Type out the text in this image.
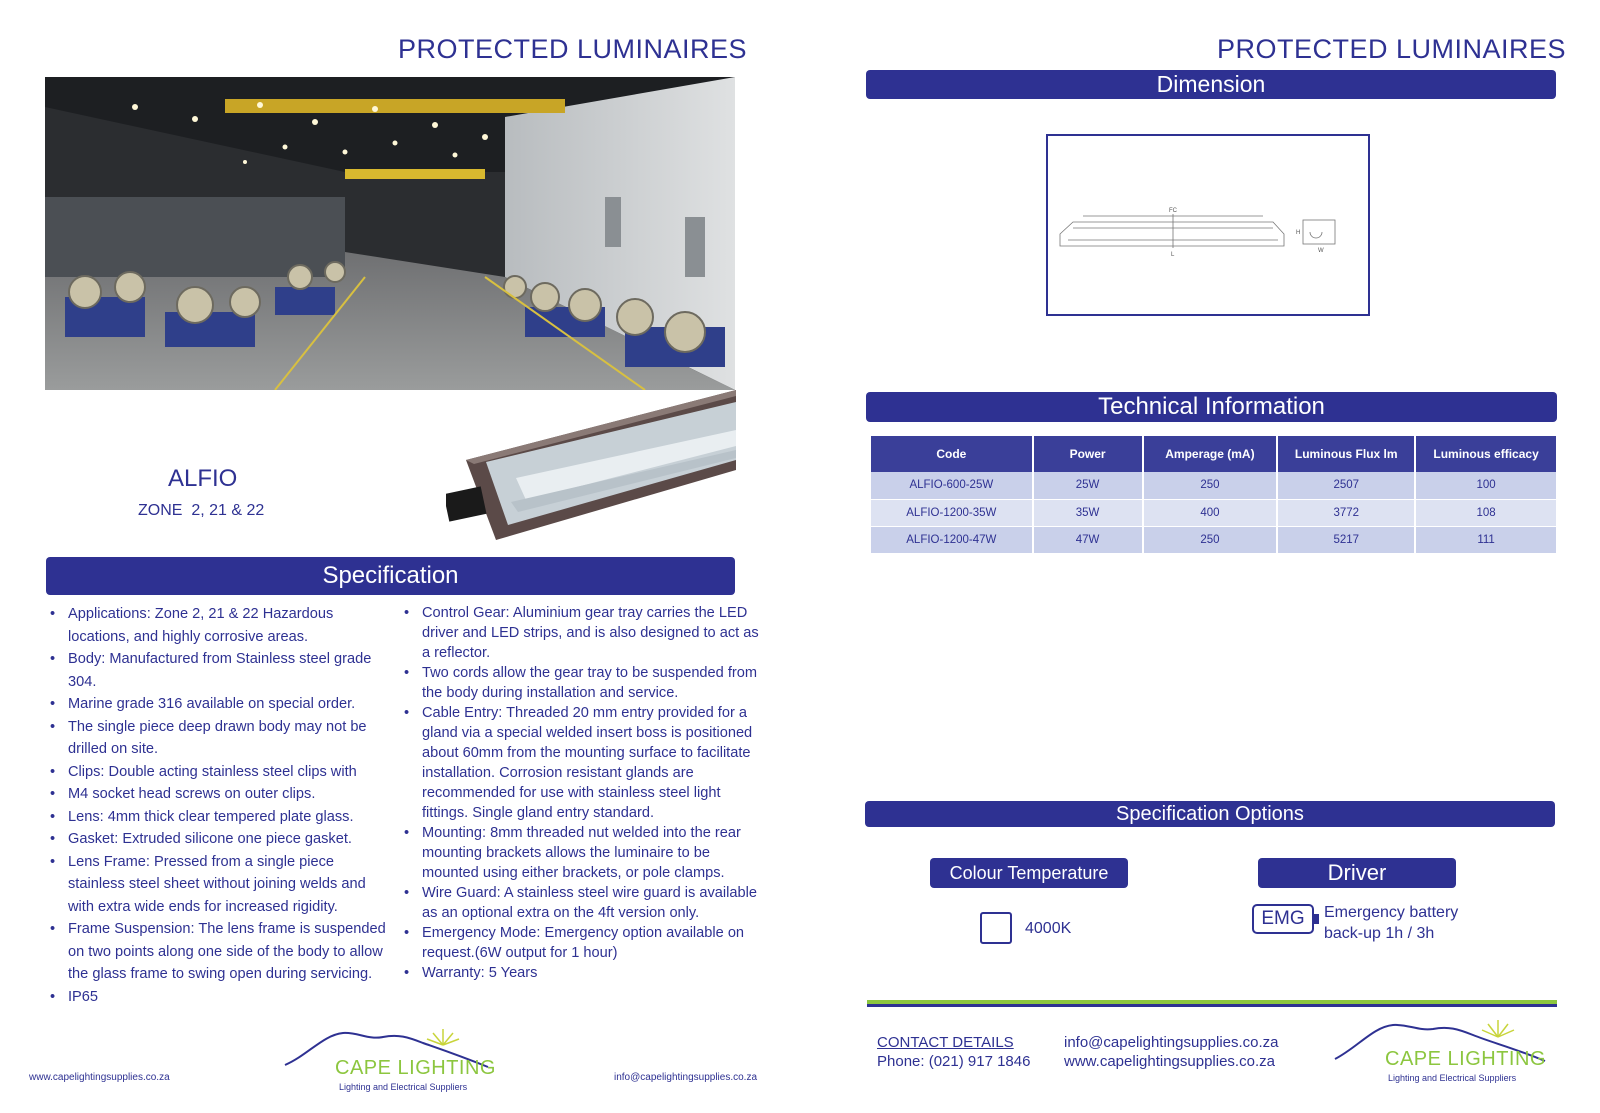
PROTECTED LUMINAIRES
ALFIO
ZONE  2, 21 & 22
Specification
• Applications: Zone 2, 21 & 22 Hazardous locations, and highly corrosive areas.
• Body: Manufactured from Stainless steel grade 304.
• Marine grade 316 available on special order.
• The single piece deep drawn body may not be drilled on site.
• Clips: Double acting stainless steel clips with
• M4 socket head screws on outer clips.
• Lens: 4mm thick clear tempered plate glass.
• Gasket: Extruded silicone one piece gasket.
• Lens Frame: Pressed from a single piece stainless steel sheet without joining welds and with extra wide ends for increased rigidity.
• Frame Suspension: The lens frame is suspended on two points along one side of the body to allow the glass frame to swing open during servicing.
• IP65
• Control Gear: Aluminium gear tray carries the LED driver and LED strips, and is also designed to act as a reflector.
• Two cords allow the gear tray to be suspended from the body during installation and service.
• Cable Entry: Threaded 20 mm entry provided for a gland via a special welded insert boss is positioned about 60mm from the mounting surface to facilitate installation. Corrosion resistant glands are recommended for use with stainless steel light fittings. Single gland entry standard.
• Mounting: 8mm threaded nut welded into the rear mounting brackets allows the luminaire to be mounted using either brackets, or pole clamps.
• Wire Guard: A stainless steel wire guard is available as an optional extra on the 4ft version only.
• Emergency Mode: Emergency option available on request.(6W output for 1 hour)
• Warranty: 5 Years
www.capelightingsupplies.co.za	info@capelightingsupplies.co.za
CAPE LIGHTING
Lighting and Electrical Suppliers
PROTECTED LUMINAIRES
Dimension
FC
L
H
W
Technical Information
Code	Power	Amperage (mA)	Luminous Flux lm	Luminous efficacy
ALFIO-600-25W	25W	250	2507	100
ALFIO-1200-35W	35W	400	3772	108
ALFIO-1200-47W	47W	250	5217	111
Specification Options
Colour Temperature
4000K
Driver
EMG	Emergency battery
back-up 1h / 3h
CONTACT DETAILS
Phone: (021) 917 1846
info@capelightingsupplies.co.za
www.capelightingsupplies.co.za	CAPE LIGHTING
Lighting and Electrical Suppliers
